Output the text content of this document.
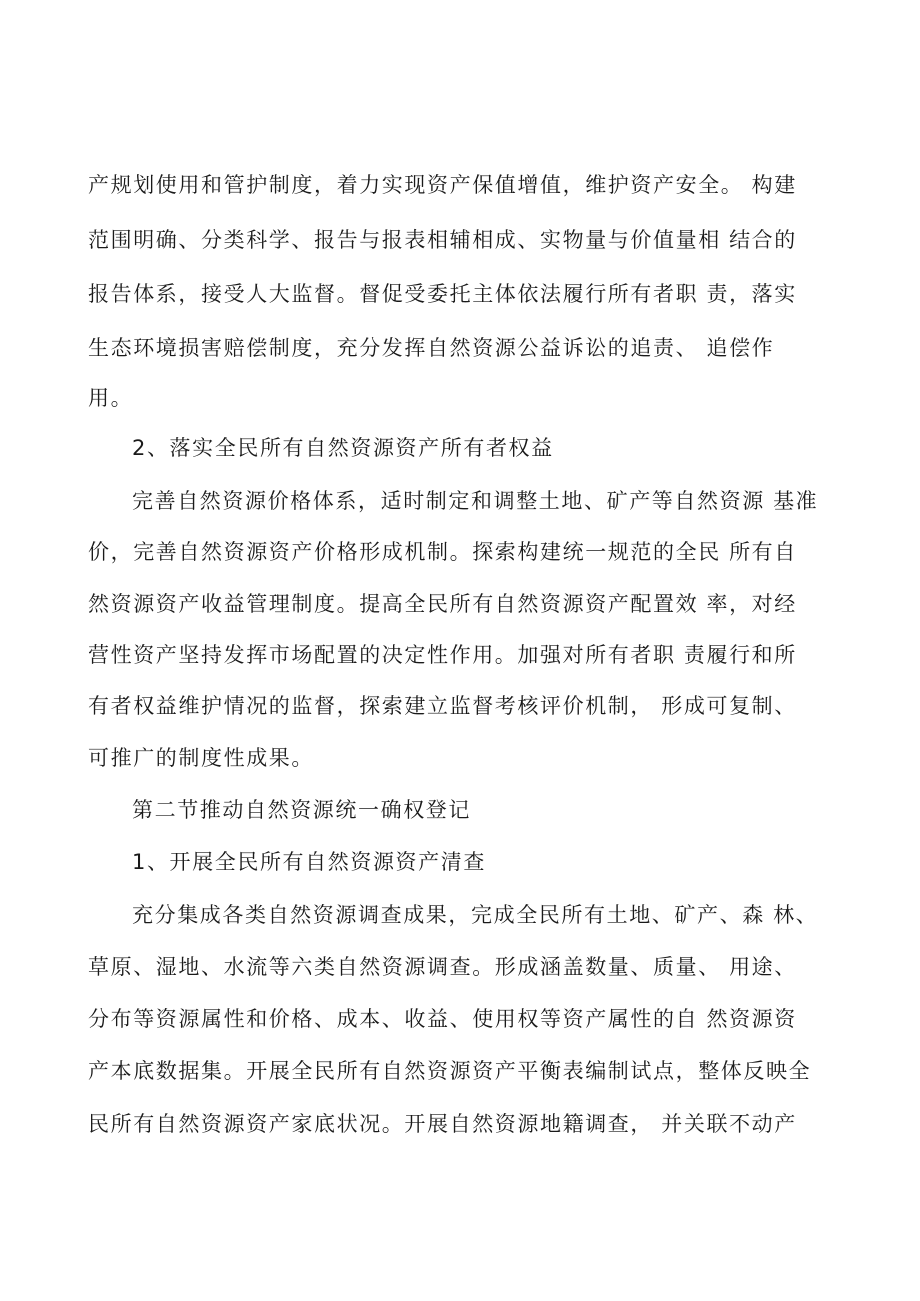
产规划使用和管护制度，着力实现资产保值增值，维护资产安全。 构建
范围明确、分类科学、报告与报表相辅相成、实物量与价值量相 结合的
报告体系，接受人大监督。督促受委托主体依法履行所有者职 责，落实
生态环境损害赔偿制度，充分发挥自然资源公益诉讼的追责、 追偿作
用。
2、落实全民所有自然资源资产所有者权益
完善自然资源价格体系，适时制定和调整土地、矿产等自然资源 基准
价，完善自然资源资产价格形成机制。探索构建统一规范的全民 所有自
然资源资产收益管理制度。提高全民所有自然资源资产配置效 率，对经
营性资产坚持发挥市场配置的决定性作用。加强对所有者职 责履行和所
有者权益维护情况的监督，探索建立监督考核评价机制， 形成可复制、
可推广的制度性成果。
第二节推动自然资源统一确权登记
1、开展全民所有自然资源资产清查
充分集成各类自然资源调查成果，完成全民所有土地、矿产、森 林、
草原、湿地、水流等六类自然资源调查。形成涵盖数量、质量、 用途、
分布等资源属性和价格、成本、收益、使用权等资产属性的自 然资源资
产本底数据集。开展全民所有自然资源资产平衡表编制试点，整体反映全
民所有自然资源资产家底状况。开展自然资源地籍调查， 并关联不动产
